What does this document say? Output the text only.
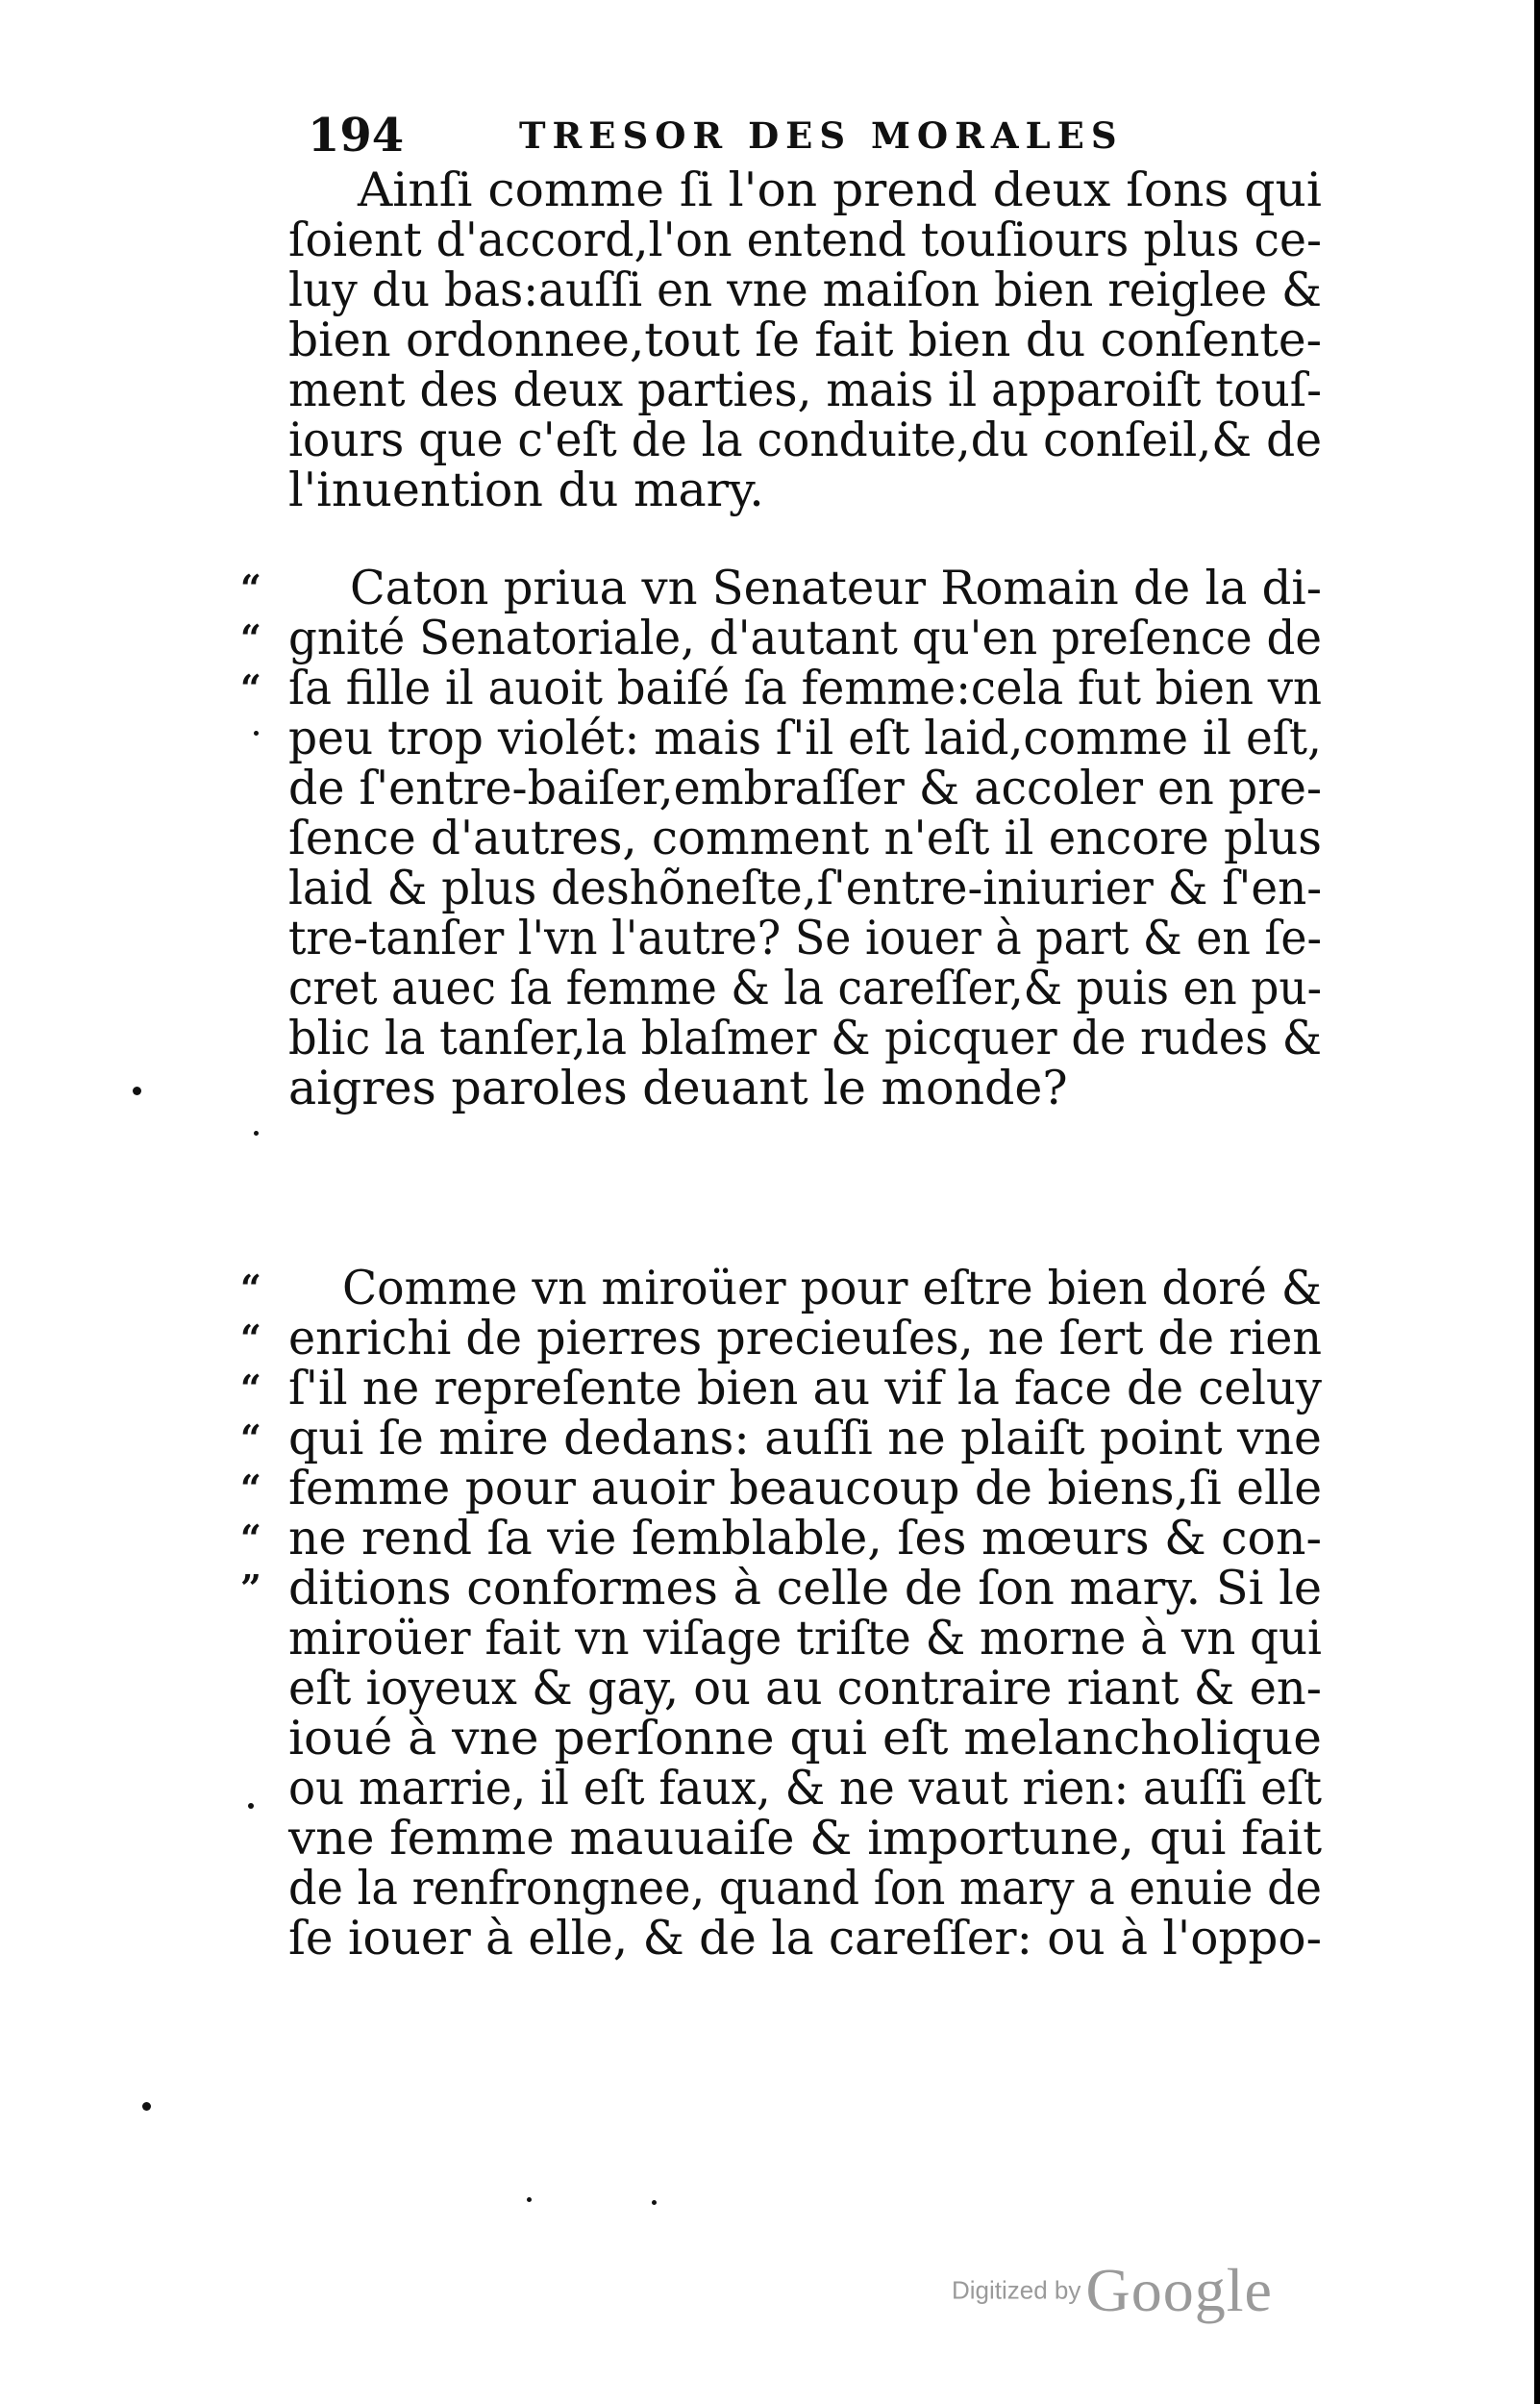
194	TRESOR DES MORALES
Ainſi comme ſi l'on prend deux ſons qui
ſoient d'accord,l'on entend touſiours plus ce-
luy du bas:auſſi en vne maiſon bien reiglee &
bien ordonnee,tout ſe fait bien du conſente-
ment des deux parties, mais il apparoiſt touſ-
iours que c'eſt de la conduite,du conſeil,& de
l'inuention du mary.
Caton priua vn Senateur Romain de la di-
gnité Senatoriale, d'autant qu'en preſence de
ſa fille il auoit baiſé ſa femme:cela fut bien vn
peu trop violét: mais ſ'il eſt laid,comme il eſt,
de ſ'entre-baiſer,embraſſer & accoler en pre-
ſence d'autres, comment n'eſt il encore plus
laid & plus deshõneſte,ſ'entre-iniurier & ſ'en-
tre-tanſer l'vn l'autre? Se iouer à part & en ſe-
cret auec ſa femme & la careſſer,& puis en pu-
blic la tanſer,la blaſmer & picquer de rudes &
aigres paroles deuant le monde?
Comme vn miroüer pour eſtre bien doré &
enrichi de pierres precieuſes, ne ſert de rien
ſ'il ne repreſente bien au vif la face de celuy
qui ſe mire dedans: auſſi ne plaiſt point vne
femme pour auoir beaucoup de biens,ſi elle
ne rend ſa vie ſemblable, ſes mœurs & con-
ditions conformes à celle de ſon mary. Si le
miroüer fait vn viſage triſte & morne à vn qui
eſt ioyeux & gay, ou au contraire riant & en-
ioué à vne perſonne qui eſt melancholique
ou marrie, il eſt faux, & ne vaut rien: auſſi eſt
vne femme mauuaiſe & importune, qui fait
de la renfrongnee, quand ſon mary a enuie de
ſe iouer à elle, & de la careſſer: ou à l'oppo-
“
“
“
“
“
“
“
“
“
”
Digitized by Google
